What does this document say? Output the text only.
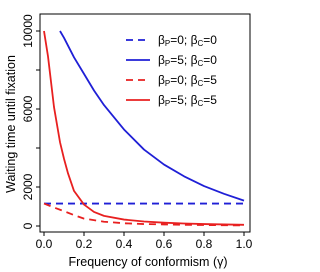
0
2000
6000
10000
0.0 0.2 0.4 0.6 0.8 1.0
βP=0; βC=0
βP=5; βC=0
βP=0; βC=5
βP=5; βC=5
Frequency of conformism (γ)
Waiting time until fixation
